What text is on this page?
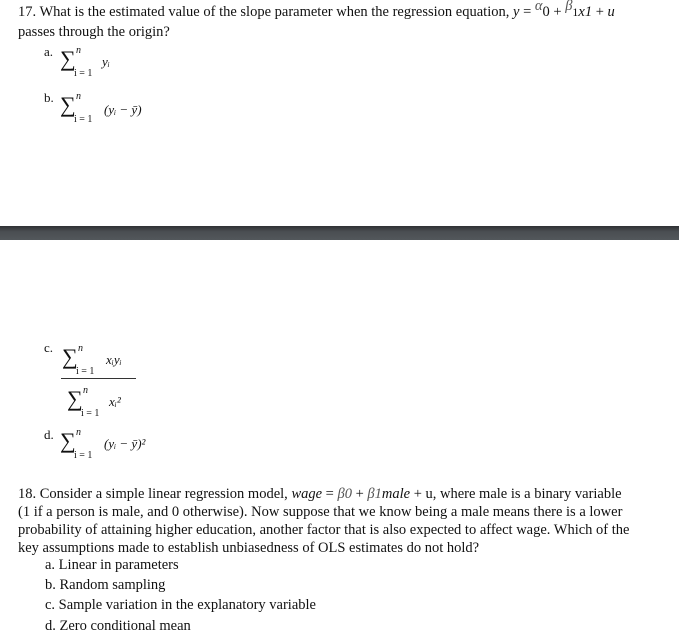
17. What is the estimated value of the slope parameter when the regression equation, y = α0 + β1x1 + u
passes through the origin?
a. ∑ n
i = 1
yᵢ
b. ∑ n
i = 1
(yᵢ − ȳ)
c. ∑ n
i = 1
xᵢyᵢ
∑ n
i = 1
xᵢ²
d. ∑ n
i = 1
(yᵢ − ȳ)²
18. Consider a simple linear regression model, wage = β0 + β1male + u, where male is a binary variable
(1 if a person is male, and 0 otherwise). Now suppose that we know being a male means there is a lower
probability of attaining higher education, another factor that is also expected to affect wage. Which of the
key assumptions made to establish unbiasedness of OLS estimates do not hold?
a. Linear in parameters
b. Random sampling
c. Sample variation in the explanatory variable
d. Zero conditional mean
